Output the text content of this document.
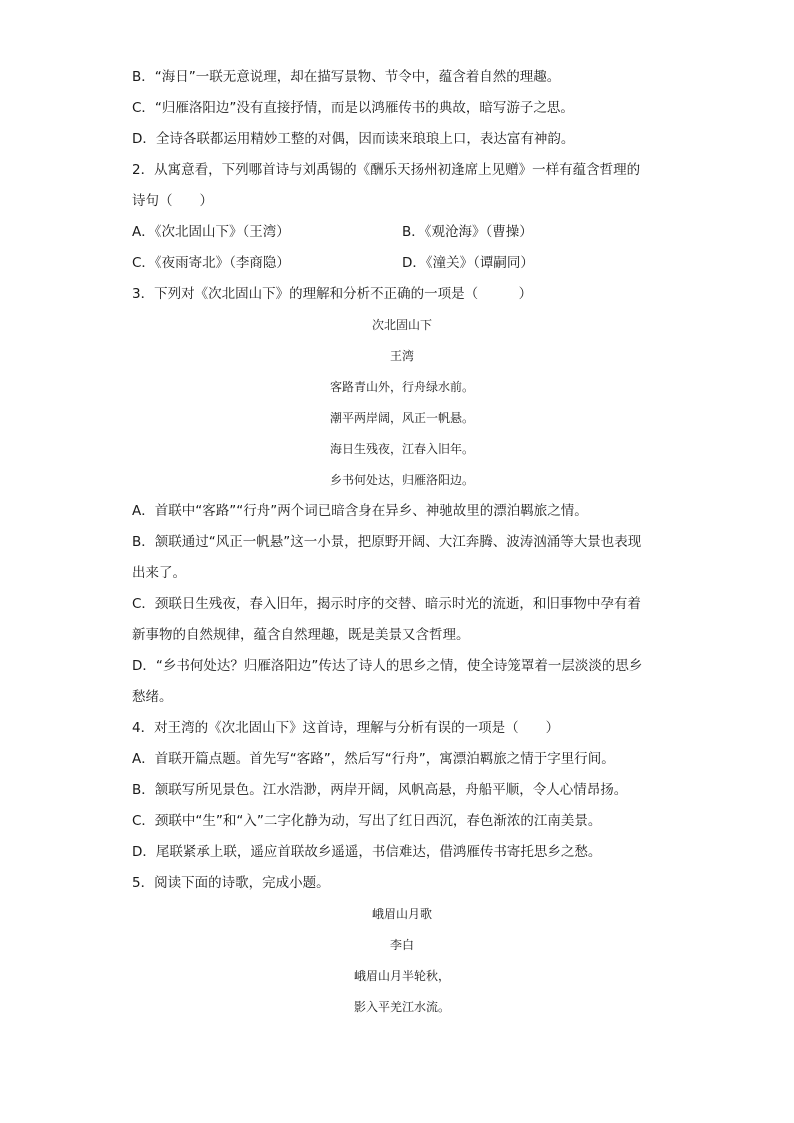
B．“海日”一联无意说理，却在描写景物、节令中，蕴含着自然的理趣。
C．“归雁洛阳边”没有直接抒情，而是以鸿雁传书的典故，暗写游子之思。
D．全诗各联都运用精妙工整的对偶，因而读来琅琅上口，表达富有神韵。
2．从寓意看，下列哪首诗与刘禹锡的《酬乐天扬州初逢席上见赠》一样有蕴含哲理的
诗句（　　）
A．《次北固山下》（王湾）	B．《观沧海》（曹操）
C．《夜雨寄北》（李商隐）	D．《潼关》（谭嗣同）
3．下列对《次北固山下》的理解和分析不正确的一项是（　　　）
次北固山下
王湾
客路青山外，行舟绿水前。
潮平两岸阔，风正一帆悬。
海日生残夜，江春入旧年。
乡书何处达，归雁洛阳边。
A．首联中“客路”“行舟”两个词已暗含身在异乡、神驰故里的漂泊羁旅之情。
B．颔联通过“风正一帆悬”这一小景，把原野开阔、大江奔腾、波涛汹涌等大景也表现
出来了。
C．颈联日生残夜，春入旧年，揭示时序的交替、暗示时光的流逝，和旧事物中孕有着
新事物的自然规律，蕴含自然理趣，既是美景又含哲理。
D．“乡书何处达？归雁洛阳边”传达了诗人的思乡之情，使全诗笼罩着一层淡淡的思乡
愁绪。
4．对王湾的《次北固山下》这首诗，理解与分析有误的一项是（　　）
A．首联开篇点题。首先写“客路”，然后写“行舟”，寓漂泊羁旅之情于字里行间。
B．颔联写所见景色。江水浩渺，两岸开阔，风帆高悬，舟船平顺，令人心情昂扬。
C．颈联中“生”和“入”二字化静为动，写出了红日西沉，春色渐浓的江南美景。
D．尾联紧承上联，遥应首联故乡遥遥，书信难达，借鸿雁传书寄托思乡之愁。
5．阅读下面的诗歌，完成小题。
峨眉山月歌
李白
峨眉山月半轮秋，
影入平羌江水流。
